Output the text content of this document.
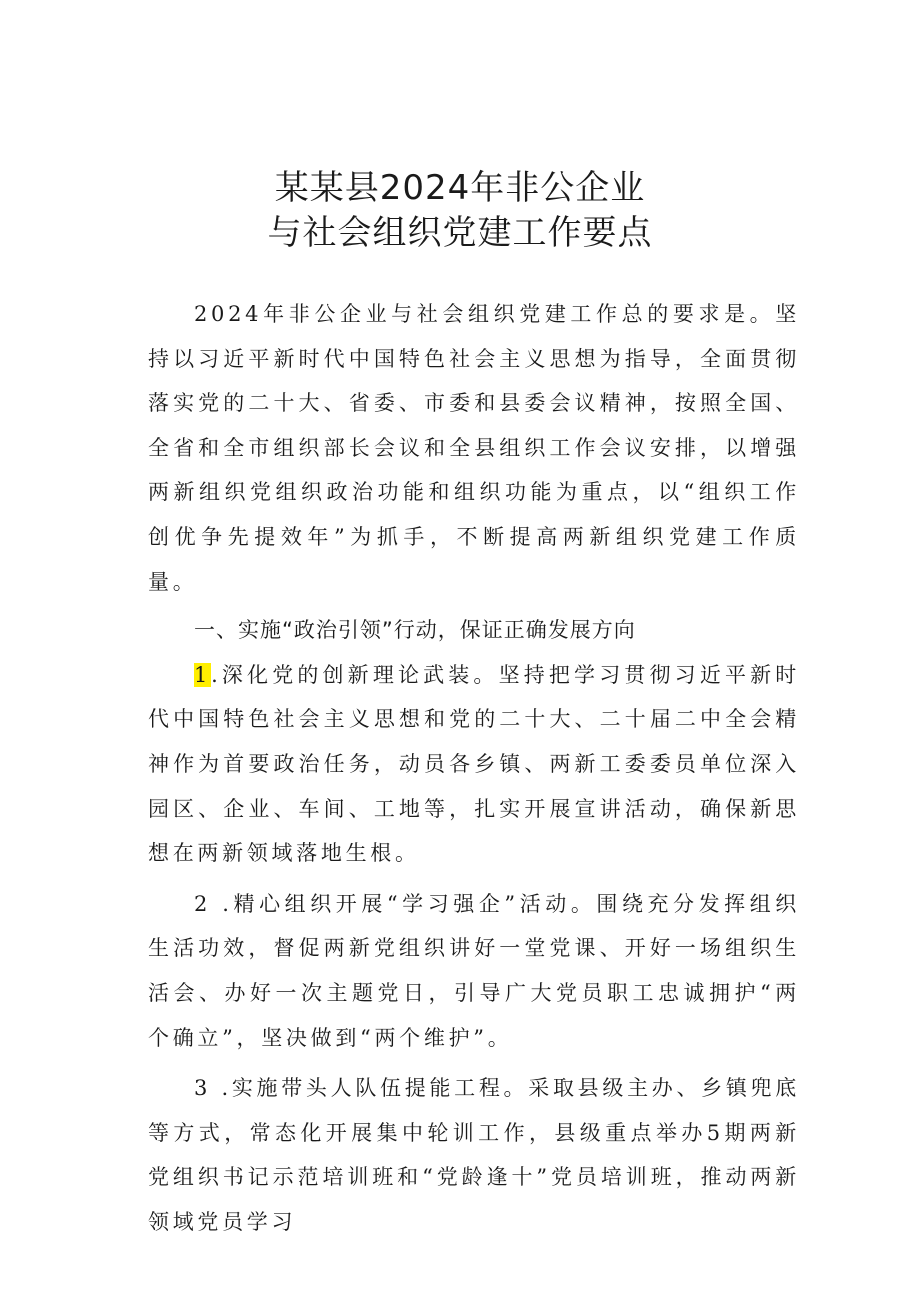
某某县2024年非公企业
与社会组织党建工作要点

2024年非公企业与社会组织党建工作总的要求是。坚持以习近平新时代中国特色社会主义思想为指导，全面贯彻落实党的二十大、省委、市委和县委会议精神，按照全国、全省和全市组织部长会议和全县组织工作会议安排，以增强两新组织党组织政治功能和组织功能为重点，以“组织工作创优争先提效年”为抓手，不断提高两新组织党建工作质量。

一、实施“政治引领”行动，保证正确发展方向

1.深化党的创新理论武装。坚持把学习贯彻习近平新时代中国特色社会主义思想和党的二十大、二十届二中全会精神作为首要政治任务，动员各乡镇、两新工委委员单位深入园区、企业、车间、工地等，扎实开展宣讲活动，确保新思想在两新领域落地生根。

2 .精心组织开展“学习强企”活动。围绕充分发挥组织生活功效，督促两新党组织讲好一堂党课、开好一场组织生活会、办好一次主题党日，引导广大党员职工忠诚拥护“两个确立”，坚决做到“两个维护”。

3 .实施带头人队伍提能工程。采取县级主办、乡镇兜底等方式，常态化开展集中轮训工作，县级重点举办5期两新党组织书记示范培训班和“党龄逢十”党员培训班，推动两新领域党员学习
